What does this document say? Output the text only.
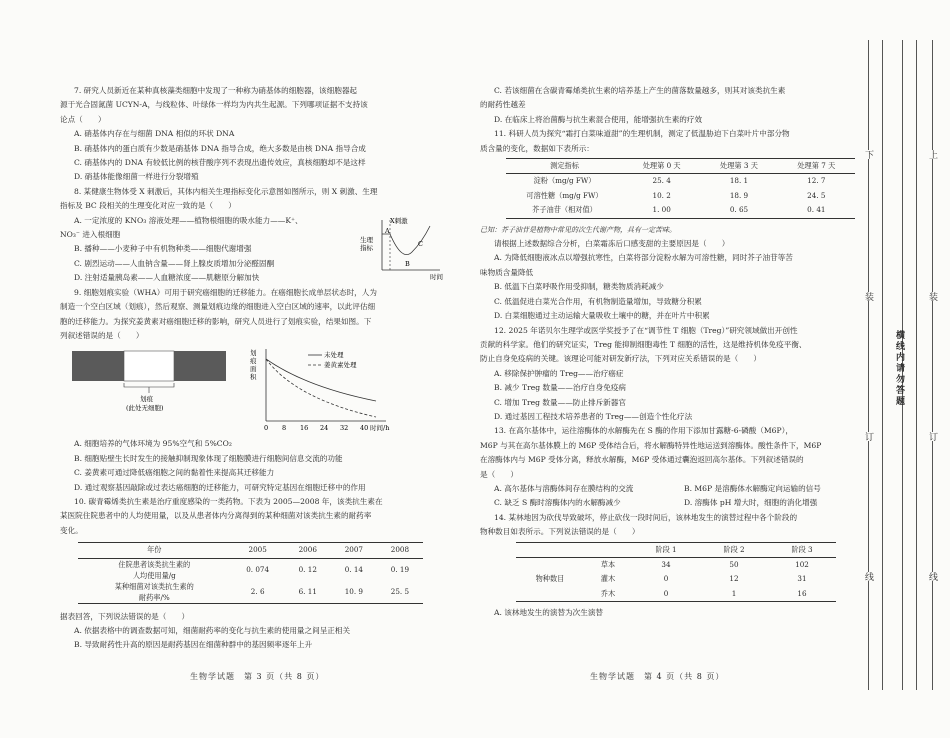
7. 研究人员新近在某种真核藻类细胞中发现了一种称为硝基体的细胞器，该细胞器起

源于光合固氮菌 UCYN-A，与线粒体、叶绿体一样均为内共生起源。下列哪项证据不支持该

论点（　　）

A. 硝基体内存在与细菌 DNA 相似的环状 DNA

B. 硝基体内的蛋白质有少数是硝基体 DNA 指导合成，绝大多数是由核 DNA 指导合成

C. 硝基体内的 DNA 有较低比例的核苷酸序列不表现出遗传效应，真核细胞却不是这样

D. 硝基体能像细菌一样进行分裂增殖

8. 某健康生物体受 X 刺激后，其体内相关生理指标变化示意图如图所示，则 X 刺激、生理

指标及 BC 段相关的生理变化对应一致的是（　　）

A. 一定浓度的 KNO₃ 溶液处理——植物根细胞的吸水能力——K⁺、

NO₃⁻ 进入根细胞

B. 播种——小麦种子中有机物种类——细胞代谢增强

C. 剧烈运动——人血钠含量——肾上腺皮质增加分泌醛固酮

D. 注射适量胰岛素——人血糖浓度——肌糖原分解加快

生理
指标
X刺激
A
B
C
时间

9. 细胞划痕实验（WHA）可用于研究癌细胞的迁移能力。在癌细胞长成单层状态时，人为

制造一个空白区域（划痕），然后观察、测量划痕边缘的细胞进入空白区域的速率，以此评估细

胞的迁移能力。为探究姜黄素对癌细胞迁移的影响，研究人员进行了划痕实验，结果如图。下

列叙述错误的是（　　）

划痕
(此处无细胞)
划
痕
面
积
未处理
姜黄素处理
0 8 16 24 32 40 时间/h

A. 细胞培养的气体环境为 95%空气和 5%CO₂

B. 细胞贴壁生长时发生的接触抑制现象体现了细胞膜进行细胞间信息交流的功能

C. 姜黄素可通过降低癌细胞之间的黏着性来提高其迁移能力

D. 通过观察基因敲除或过表达癌细胞的迁移能力，可研究特定基因在细胞迁移中的作用

10. 碳青霉烯类抗生素是治疗重度感染的一类药物。下表为 2005—2008 年，该类抗生素在

某医院住院患者中的人均使用量，以及从患者体内分离得到的某种细菌对该类抗生素的耐药率

变化。

年份	2005	2006	2007	2008
住院患者该类抗生素的
人均使用量/g	0. 074	0. 12	0. 14	0. 19
某种细菌对该类抗生素的
耐药率/%	2. 6	6. 11	10. 9	25. 5

据表回答，下列说法错误的是（　　）

A. 依据表格中的调查数据可知，细菌耐药率的变化与抗生素的使用量之间呈正相关

B. 导致耐药性升高的原因是耐药基因在细菌种群中的基因频率逐年上升

生物学试题　第 3 页（共 8 页）

C. 若该细菌在含碳青霉烯类抗生素的培养基上产生的菌落数量越多，则其对该类抗生素

的耐药性越差

D. 在临床上将治菌酶与抗生素混合使用，能增强抗生素的疗效

11. 科研人员为探究“霜打白菜味道甜”的生理机制，测定了低温胁迫下白菜叶片中部分物

质含量的变化，数据如下表所示：

测定指标	处理第 0 天	处理第 3 天	处理第 7 天
淀粉（mg/g FW）	25. 4	18. 1	12. 7
可溶性糖（mg/g FW）	10. 2	18. 9	24. 5
芥子油苷（相对值）	1. 00	0. 65	0. 41

已知：芥子油苷是植物中常见的次生代谢产物，具有一定苦味。

请根据上述数据综合分析，白菜霜冻后口感变甜的主要原因是（　　）

A. 为降低细胞液冰点以增强抗寒性，白菜将部分淀粉水解为可溶性糖，同时芥子油苷等苦

味物质含量降低

B. 低温下白菜呼吸作用受抑制，糖类物质消耗减少

C. 低温促进白菜光合作用，有机物制造量增加，导致糖分积累

D. 白菜细胞通过主动运输大量吸收土壤中的糖，并在叶片中积累

12. 2025 年诺贝尔生理学或医学奖授予了在“调节性 T 细胞（Treg）”研究领域做出开创性

贡献的科学家。他们的研究证实，Treg 能抑制细胞毒性 T 细胞的活性，这是维持机体免疫平衡、

防止自身免疫病的关键。该理论可能对研发新疗法，下列对应关系错误的是（　　）

A. 移除保护肿瘤的 Treg——治疗癌症

B. 减少 Treg 数量——治疗自身免疫病

C. 增加 Treg 数量——防止排斥新器官

D. 通过基因工程技术培养患者的 Treg——创造个性化疗法

13. 在高尔基体中，运往溶酶体的水解酶先在 S 酶的作用下添加甘露糖-6-磷酸（M6P），

M6P 与其在高尔基体膜上的 M6P 受体结合后，将水解酶特异性地运送到溶酶体。酸性条件下，M6P

在溶酶体内与 M6P 受体分离，释放水解酶，M6P 受体通过囊泡返回高尔基体。下列叙述错误的

是（　　）

A. 高尔基体与溶酶体间存在膜结构的交流	B. M6P 是溶酶体水解酶定向运输的信号

C. 缺乏 S 酶时溶酶体内的水解酶减少	D. 溶酶体 pH 增大时，细胞的消化增强

14. 某林地因为砍伐导致破坏，停止砍伐一段时间后，该林地发生的演替过程中各个阶段的

物种数目如表所示。下列说法错误的是（　　）

		阶段 1	阶段 2	阶段 3
物种数目	草本	34	50	102
	灌木	0	12	31
	乔木	0	1	16

A. 该林地发生的演替为次生演替

生物学试题　第 4 页（共 8 页）
下
装
订
线
上
装
订
线
横线内请勿答题
